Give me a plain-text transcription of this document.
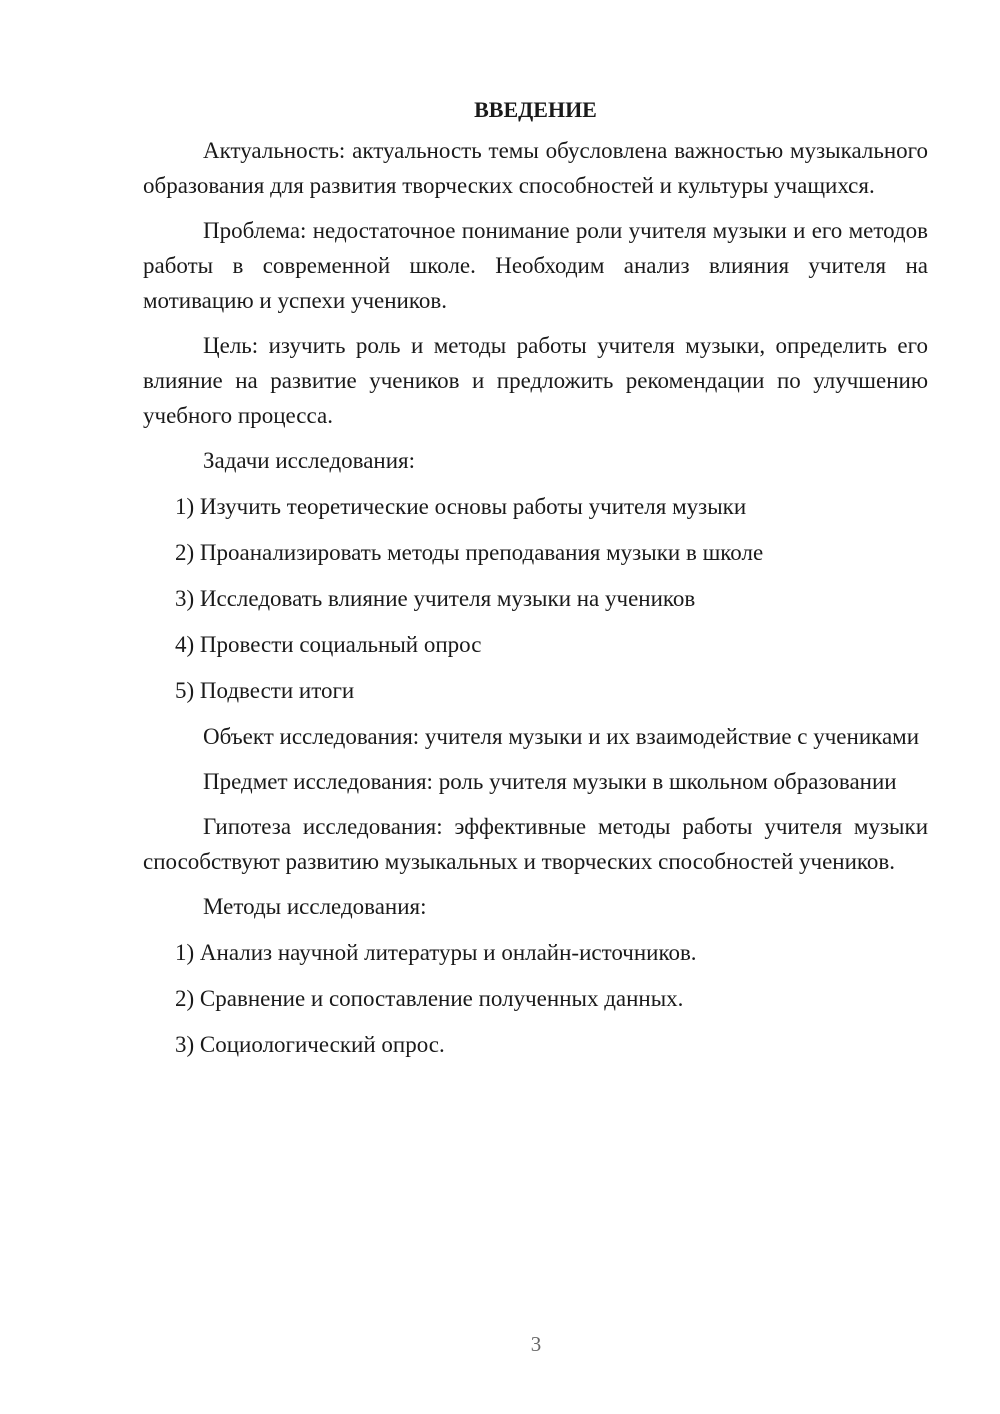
ВВЕДЕНИЕ

Актуальность: актуальность темы обусловлена важностью музыкального образования для развития творческих способностей и культуры учащихся.

Проблема: недостаточное понимание роли учителя музыки и его методов работы в современной школе. Необходим анализ влияния учителя на мотивацию и успехи учеников.

Цель: изучить роль и методы работы учителя музыки, определить его влияние на развитие учеников и предложить рекомендации по улучшению учебного процесса.

Задачи исследования:

1) Изучить теоретические основы работы учителя музыки
2) Проанализировать методы преподавания музыки в школе
3) Исследовать влияние учителя музыки на учеников
4) Провести социальный опрос
5) Подвести итоги

Объект исследования: учителя музыки и их взаимодействие с учениками

Предмет исследования: роль учителя музыки в школьном образовании

Гипотеза исследования: эффективные методы работы учителя музыки способствуют развитию музыкальных и творческих способностей учеников.

Методы исследования:

1) Анализ научной литературы и онлайн-источников.
2) Сравнение и сопоставление полученных данных.
3) Социологический опрос.
3
